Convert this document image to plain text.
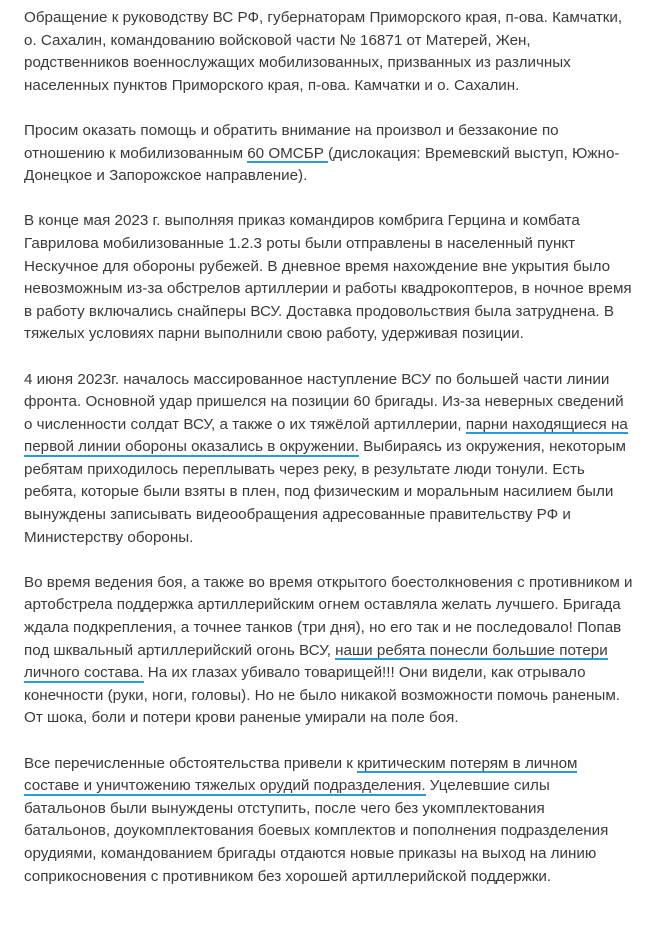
Обращение к руководству ВС РФ, губернаторам Приморского края, п-ова. Камчатки, о. Сахалин, командованию войсковой части № 16871 от Матерей, Жен, родственников военнослужащих мобилизованных, призванных из различных населенных пунктов Приморского края, п-ова. Камчатки и о. Сахалин.

Просим оказать помощь и обратить внимание на произвол и беззаконие по отношению к мобилизованным 60 ОМСБР (дислокация: Времевский выступ, Южно-Донецкое и Запорожское направление).

В конце мая 2023 г. выполняя приказ командиров комбрига Герцина и комбата Гаврилова мобилизованные 1.2.3 роты были отправлены в населенный пункт Нескучное для обороны рубежей. В дневное время нахождение вне укрытия было невозможным из-за обстрелов артиллерии и работы квадрокоптеров, в ночное время в работу включались снайперы ВСУ. Доставка продовольствия была затруднена. В тяжелых условиях парни выполнили свою работу, удерживая позиции.

4 июня 2023г. началось массированное наступление ВСУ по большей части линии фронта. Основной удар пришелся на позиции 60 бригады. Из-за неверных сведений о численности солдат ВСУ, а также о их тяжёлой артиллерии, парни находящиеся на первой линии обороны оказались в окружении. Выбираясь из окружения, некоторым ребятам приходилось переплывать через реку, в результате люди тонули. Есть ребята, которые были взяты в плен, под физическим и моральным насилием были вынуждены записывать видеообращения адресованные правительству РФ и Министерству обороны.

Во время ведения боя, а также во время открытого боестолкновения с противником и артобстрела поддержка артиллерийским огнем оставляла желать лучшего. Бригада ждала подкрепления, а точнее танков (три дня), но его так и не последовало! Попав под шквальный артиллерийский огонь ВСУ, наши ребята понесли большие потери личного состава. На их глазах убивало товарищей!!! Они видели, как отрывало конечности (руки, ноги, головы). Но не было никакой возможности помочь раненым. От шока, боли и потери крови раненые умирали на поле боя.

Все перечисленные обстоятельства привели к критическим потерям в личном составе и уничтожению тяжелых орудий подразделения. Уцелевшие силы батальонов были вынуждены отступить, после чего без укомплектования батальонов, доукомплектования боевых комплектов и пополнения подразделения орудиями, командованием бригады отдаются новые приказы на выход на линию соприкосновения с противником без хорошей артиллерийской поддержки.
